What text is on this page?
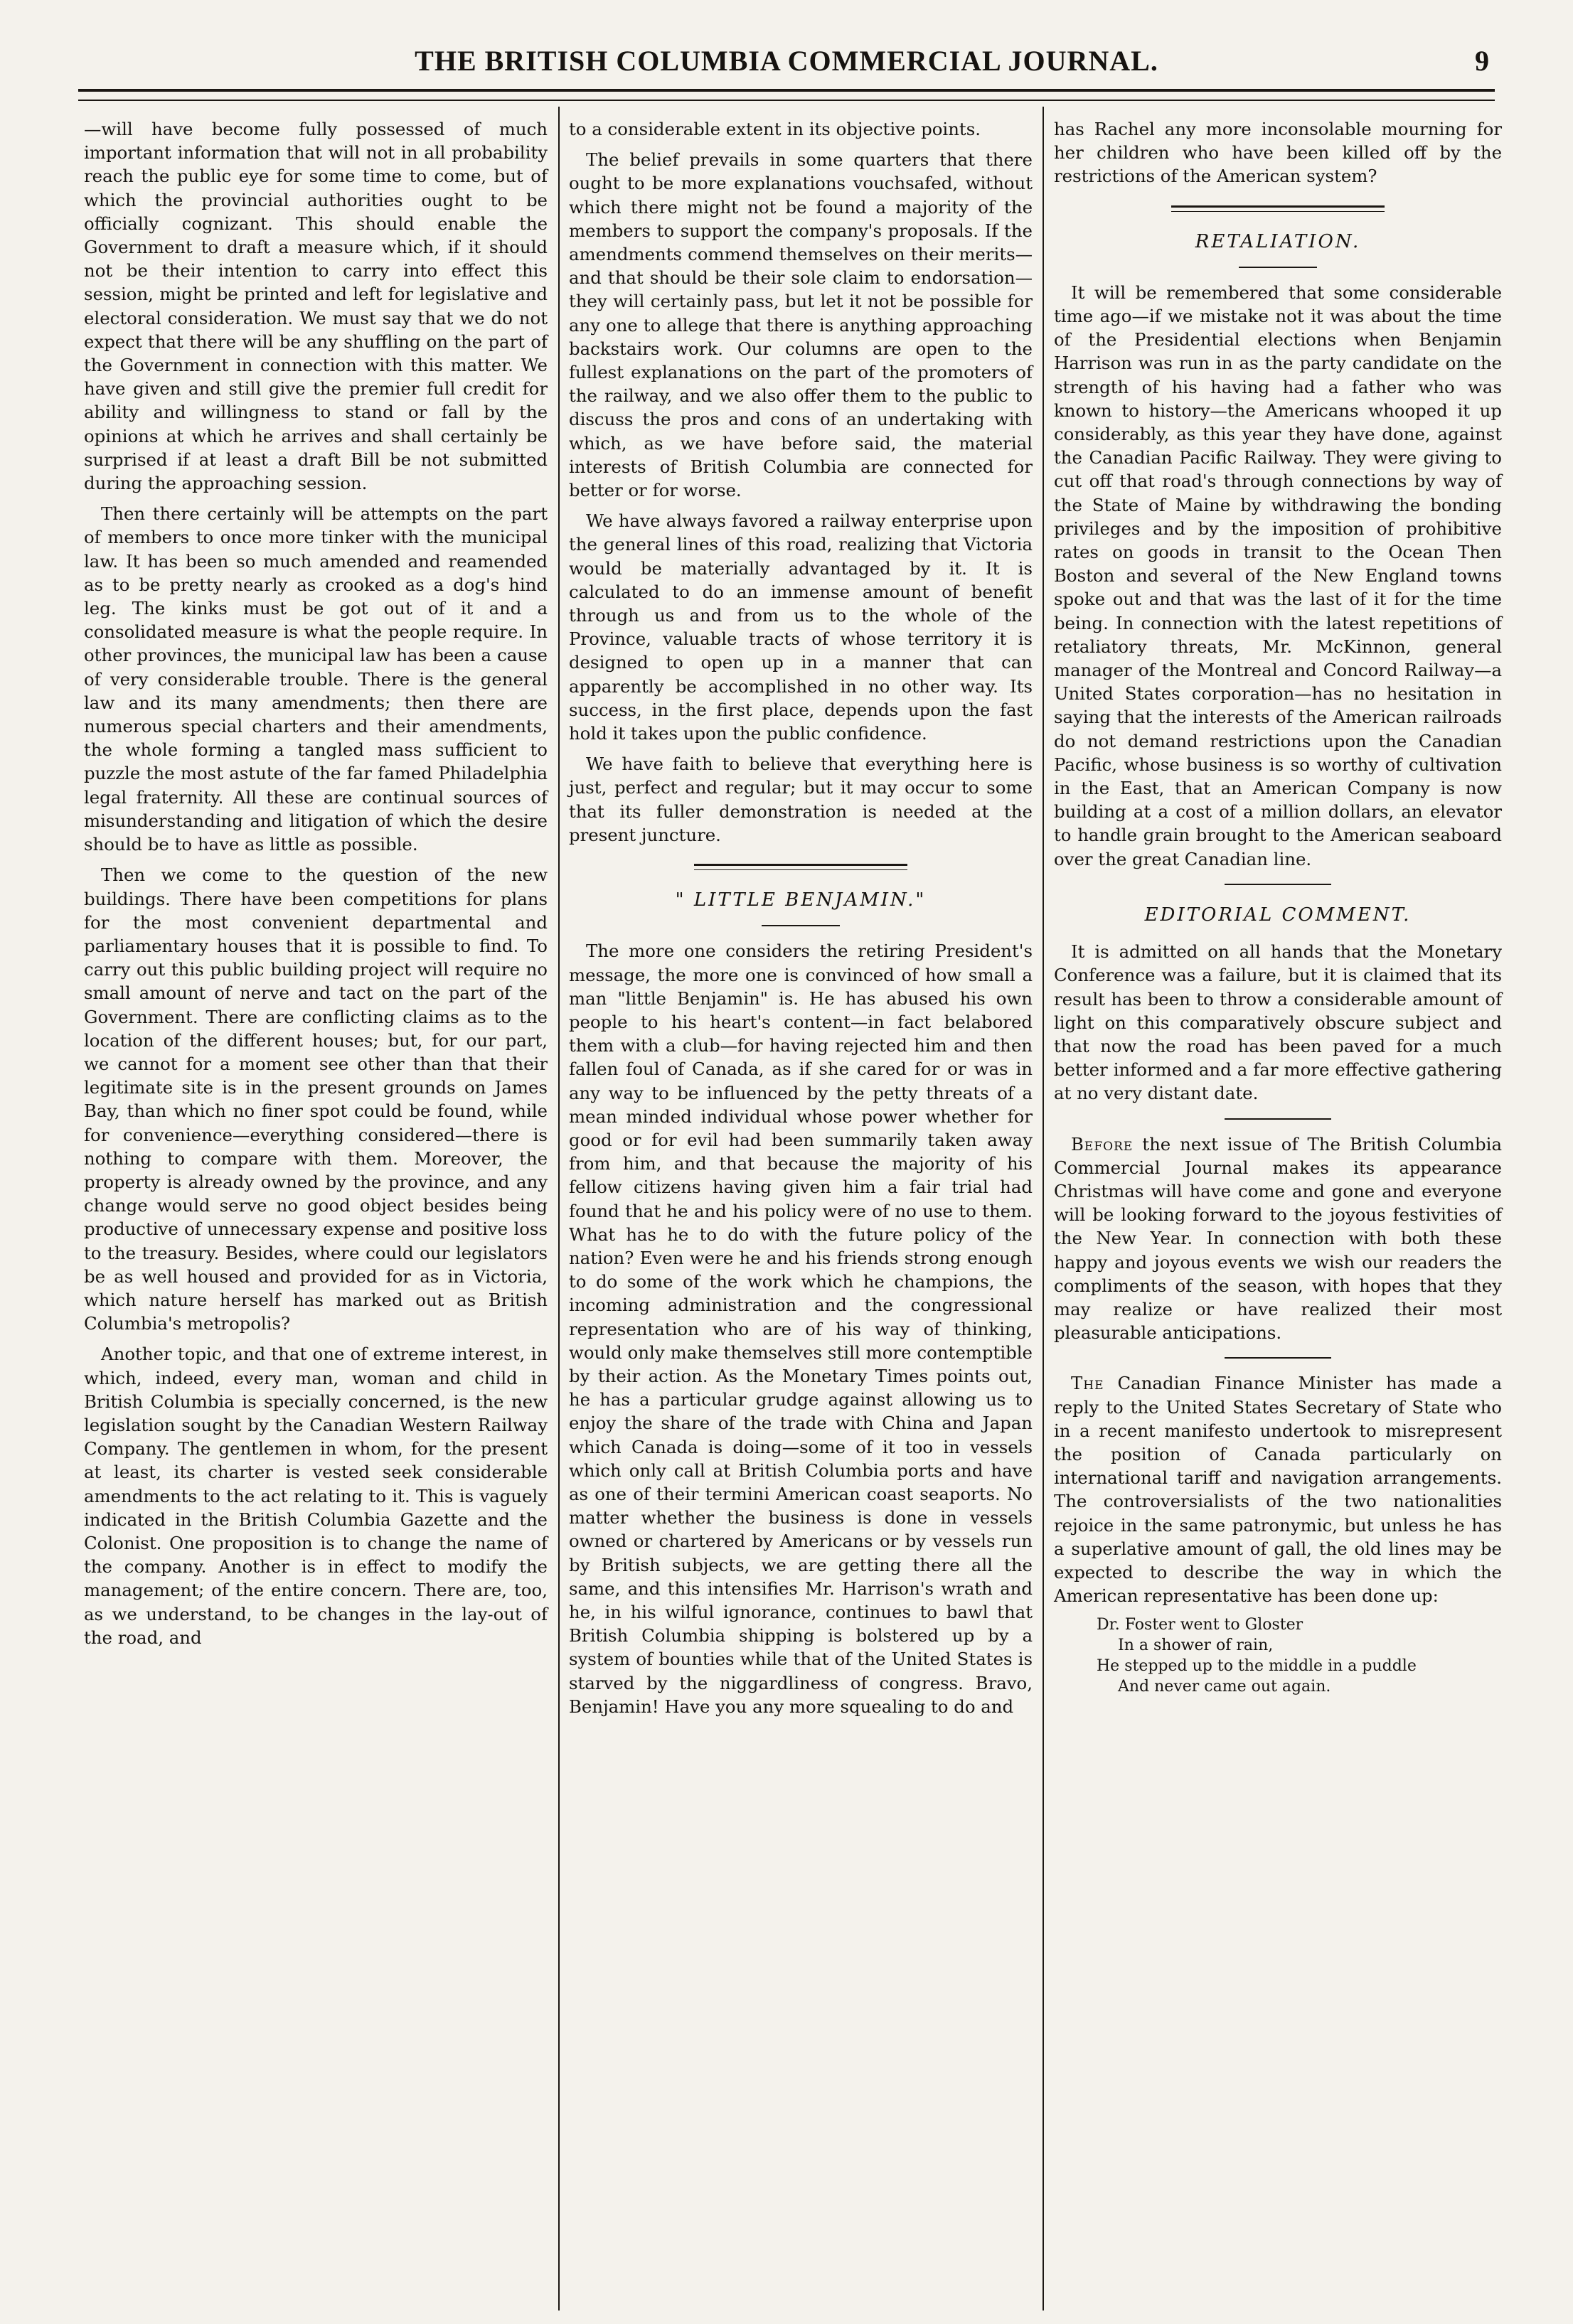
THE BRITISH COLUMBIA COMMERCIAL JOURNAL.	9

—will have become fully possessed of much important information that will not in all probability reach the public eye for some time to come, but of which the provincial authorities ought to be officially cognizant. This should enable the Government to draft a measure which, if it should not be their intention to carry into effect this session, might be printed and left for legislative and electoral consideration. We must say that we do not expect that there will be any shuffling on the part of the Government in connection with this matter. We have given and still give the premier full credit for ability and willingness to stand or fall by the opinions at which he arrives and shall certainly be surprised if at least a draft Bill be not submitted during the approaching session.

Then there certainly will be attempts on the part of members to once more tinker with the municipal law. It has been so much amended and reamended as to be pretty nearly as crooked as a dog's hind leg. The kinks must be got out of it and a consolidated measure is what the people require. In other provinces, the municipal law has been a cause of very considerable trouble. There is the general law and its many amendments; then there are numerous special charters and their amendments, the whole forming a tangled mass sufficient to puzzle the most astute of the far famed Philadelphia legal fraternity. All these are continual sources of misunderstanding and litigation of which the desire should be to have as little as possible.

Then we come to the question of the new buildings. There have been competitions for plans for the most convenient departmental and parliamentary houses that it is possible to find. To carry out this public building project will require no small amount of nerve and tact on the part of the Government. There are conflicting claims as to the location of the different houses; but, for our part, we cannot for a moment see other than that their legitimate site is in the present grounds on James Bay, than which no finer spot could be found, while for convenience—everything considered—there is nothing to compare with them. Moreover, the property is already owned by the province, and any change would serve no good object besides being productive of unnecessary expense and positive loss to the treasury. Besides, where could our legislators be as well housed and provided for as in Victoria, which nature herself has marked out as British Columbia's metropolis?

Another topic, and that one of extreme interest, in which, indeed, every man, woman and child in British Columbia is specially concerned, is the new legislation sought by the Canadian Western Railway Company. The gentlemen in whom, for the present at least, its charter is vested seek considerable amendments to the act relating to it. This is vaguely indicated in the British Columbia Gazette and the Colonist. One proposition is to change the name of the company. Another is in effect to modify the management; of the entire concern. There are, too, as we understand, to be changes in the lay-out of the road, and

to a considerable extent in its objective points.

The belief prevails in some quarters that there ought to be more explanations vouchsafed, without which there might not be found a majority of the members to support the company's proposals. If the amendments commend themselves on their merits—and that should be their sole claim to endorsation—they will certainly pass, but let it not be possible for any one to allege that there is anything approaching backstairs work. Our columns are open to the fullest explanations on the part of the promoters of the railway, and we also offer them to the public to discuss the pros and cons of an undertaking with which, as we have before said, the material interests of British Columbia are connected for better or for worse.

We have always favored a railway enterprise upon the general lines of this road, realizing that Victoria would be materially advantaged by it. It is calculated to do an immense amount of benefit through us and from us to the whole of the Province, valuable tracts of whose territory it is designed to open up in a manner that can apparently be accomplished in no other way. Its success, in the first place, depends upon the fast hold it takes upon the public confidence.

We have faith to believe that everything here is just, perfect and regular; but it may occur to some that its fuller demonstration is needed at the present juncture.

" LITTLE BENJAMIN."

The more one considers the retiring President's message, the more one is convinced of how small a man "little Benjamin" is. He has abused his own people to his heart's content—in fact belabored them with a club—for having rejected him and then fallen foul of Canada, as if she cared for or was in any way to be influenced by the petty threats of a mean minded individual whose power whether for good or for evil had been summarily taken away from him, and that because the majority of his fellow citizens having given him a fair trial had found that he and his policy were of no use to them. What has he to do with the future policy of the nation? Even were he and his friends strong enough to do some of the work which he champions, the incoming administration and the congressional representation who are of his way of thinking, would only make themselves still more contemptible by their action. As the Monetary Times points out, he has a particular grudge against allowing us to enjoy the share of the trade with China and Japan which Canada is doing—some of it too in vessels which only call at British Columbia ports and have as one of their termini American coast seaports. No matter whether the business is done in vessels owned or chartered by Americans or by vessels run by British subjects, we are getting there all the same, and this intensifies Mr. Harrison's wrath and he, in his wilful ignorance, continues to bawl that British Columbia shipping is bolstered up by a system of bounties while that of the United States is starved by the niggardliness of congress. Bravo, Benjamin! Have you any more squealing to do and

has Rachel any more inconsolable mourning for her children who have been killed off by the restrictions of the American system?

RETALIATION.

It will be remembered that some considerable time ago—if we mistake not it was about the time of the Presidential elections when Benjamin Harrison was run in as the party candidate on the strength of his having had a father who was known to history—the Americans whooped it up considerably, as this year they have done, against the Canadian Pacific Railway. They were giving to cut off that road's through connections by way of the State of Maine by withdrawing the bonding privileges and by the imposition of prohibitive rates on goods in transit to the Ocean Then Boston and several of the New England towns spoke out and that was the last of it for the time being. In connection with the latest repetitions of retaliatory threats, Mr. McKinnon, general manager of the Montreal and Concord Railway—a United States corporation—has no hesitation in saying that the interests of the American railroads do not demand restrictions upon the Canadian Pacific, whose business is so worthy of cultivation in the East, that an American Company is now building at a cost of a million dollars, an elevator to handle grain brought to the American seaboard over the great Canadian line.

EDITORIAL COMMENT.

It is admitted on all hands that the Monetary Conference was a failure, but it is claimed that its result has been to throw a considerable amount of light on this comparatively obscure subject and that now the road has been paved for a much better informed and a far more effective gathering at no very distant date.

Before the next issue of The British Columbia Commercial Journal makes its appearance Christmas will have come and gone and everyone will be looking forward to the joyous festivities of the New Year. In connection with both these happy and joyous events we wish our readers the compliments of the season, with hopes that they may realize or have realized their most pleasurable anticipations.

The Canadian Finance Minister has made a reply to the United States Secretary of State who in a recent manifesto undertook to misrepresent the position of Canada particularly on international tariff and navigation arrangements. The controversialists of the two nationalities rejoice in the same patronymic, but unless he has a superlative amount of gall, the old lines may be expected to describe the way in which the American representative has been done up:

Dr. Foster went to Gloster
In a shower of rain,
He stepped up to the middle in a puddle
And never came out again.
